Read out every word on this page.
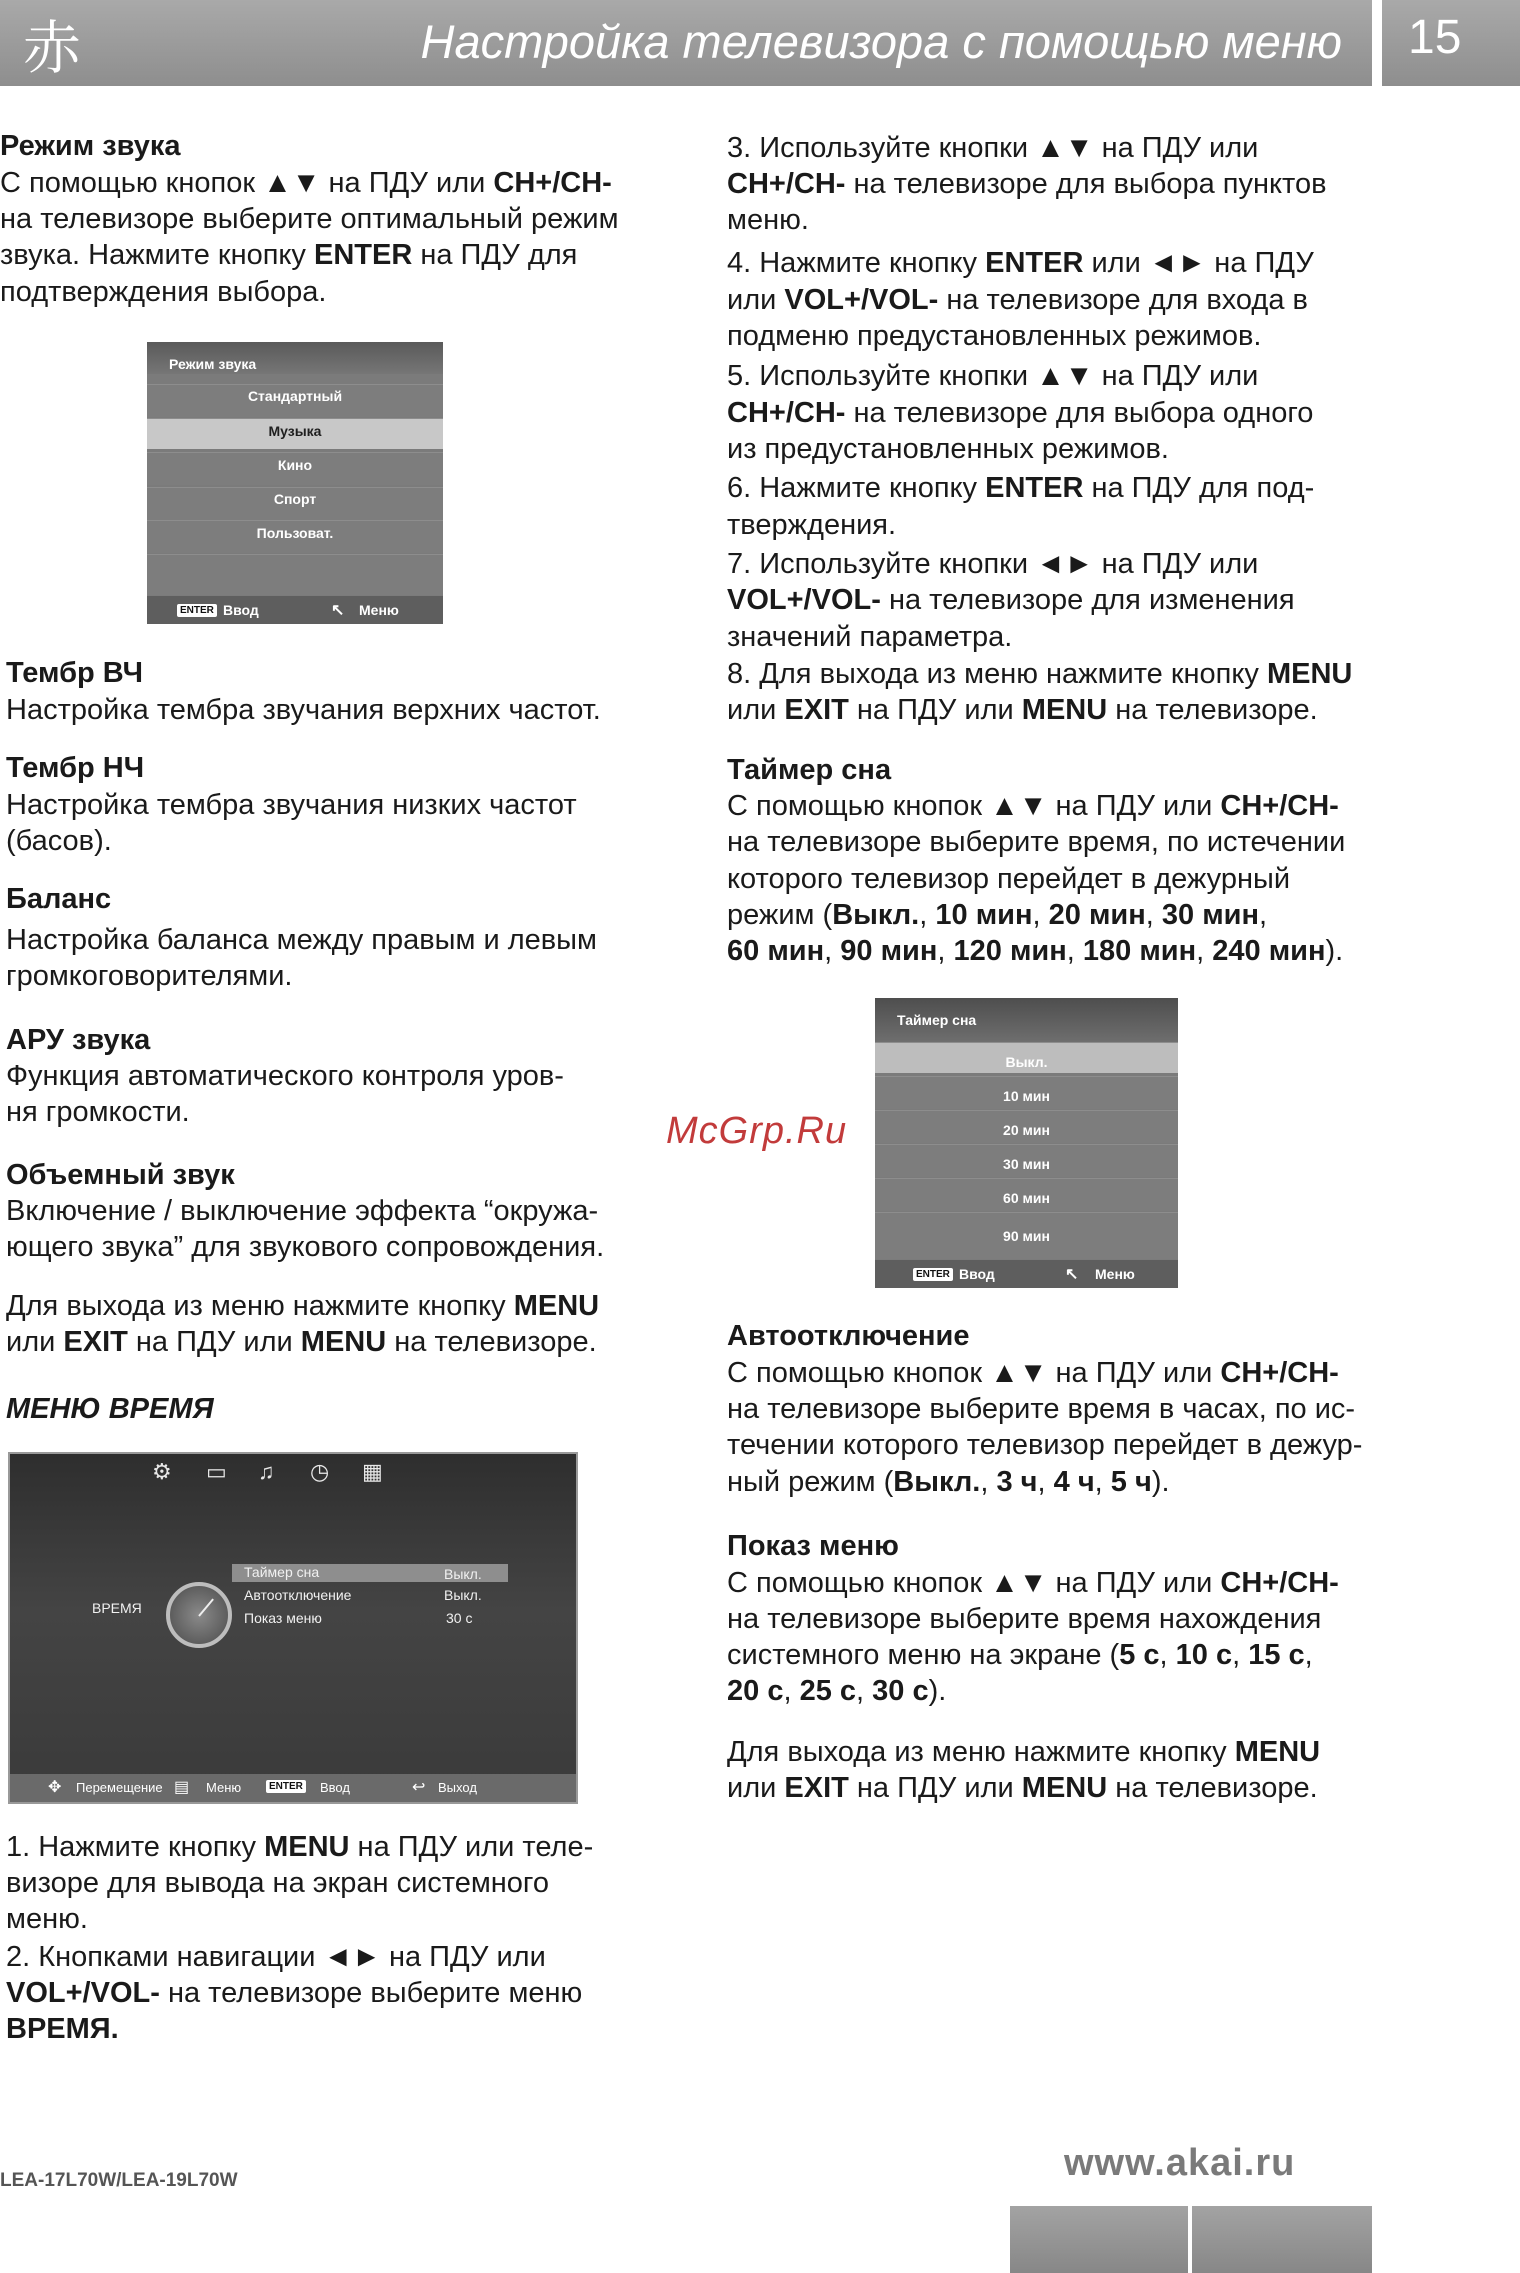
赤	Настройка телевизора с помощью меню 15
Режим звука
С помощью кнопок ▲▼ на ПДУ или CH+/CH-
на телевизоре выберите оптимальный режим
звука. Нажмите кнопку ENTER на ПДУ для
подтверждения выбора.
Режим звука
Стандартный
Музыка
Кино
Спорт
Пользоват.
ENTER Ввод	↖ Меню
Тембр ВЧ
Настройка тембра звучания верхних частот.
Тембр НЧ
Настройка тембра звучания низких частот
(басов).
Баланс
Настройка баланса между правым и левым
громкоговорителями.
АРУ звука
Функция автоматического контроля уров-
ня громкости.
Объемный звук
Включение / выключение эффекта “окружа-
ющего звука” для звукового сопровождения.
Для выхода из меню нажмите кнопку MENU
или EXIT на ПДУ или MENU на телевизоре.
МЕНЮ ВРЕМЯ
⚙ ▭ ♫ ◷ ▦
ВРЕМЯ
Таймер сна	Выкл.
Автоотключение	Выкл.
Показ меню	30 с
✥ Перемещение ▤ Меню	ENTER Ввод	↩ Выход
1. Нажмите кнопку MENU на ПДУ или теле-
визоре для вывода на экран системного
меню.
2. Кнопками навигации ◄► на ПДУ или
VOL+/VOL- на телевизоре выберите меню
ВРЕМЯ.
3. Используйте кнопки ▲▼ на ПДУ или
CH+/CH- на телевизоре для выбора пунктов
меню.
4. Нажмите кнопку ENTER или ◄► на ПДУ
или VOL+/VOL- на телевизоре для входа в
подменю предустановленных режимов.
5. Используйте кнопки ▲▼ на ПДУ или
CH+/CH- на телевизоре для выбора одного
из предустановленных режимов.
6. Нажмите кнопку ENTER на ПДУ для под-
тверждения.
7. Используйте кнопки ◄► на ПДУ или
VOL+/VOL- на телевизоре для изменения
значений параметра.
8. Для выхода из меню нажмите кнопку MENU
или EXIT на ПДУ или MENU на телевизоре.
Таймер сна
С помощью кнопок ▲▼ на ПДУ или CH+/CH-
на телевизоре выберите время, по истечении
которого телевизор перейдет в дежурный
режим (Выкл., 10 мин, 20 мин, 30 мин,
60 мин, 90 мин, 120 мин, 180 мин, 240 мин).
Таймер сна
Выкл.
10 мин
20 мин
30 мин
60 мин
90 мин
ENTER Ввод	↖ Меню
Автоотключение
С помощью кнопок ▲▼ на ПДУ или CH+/CH-
на телевизоре выберите время в часах, по ис-
течении которого телевизор перейдет в дежур-
ный режим (Выкл., 3 ч, 4 ч, 5 ч).
Показ меню
С помощью кнопок ▲▼ на ПДУ или CH+/CH-
на телевизоре выберите время нахождения
системного меню на экране (5 с, 10 с, 15 с,
20 с, 25 с, 30 с).
Для выхода из меню нажмите кнопку MENU
или EXIT на ПДУ или MENU на телевизоре.
McGrp.Ru
LEA-17L70W/LEA-19L70W	www.akai.ru
